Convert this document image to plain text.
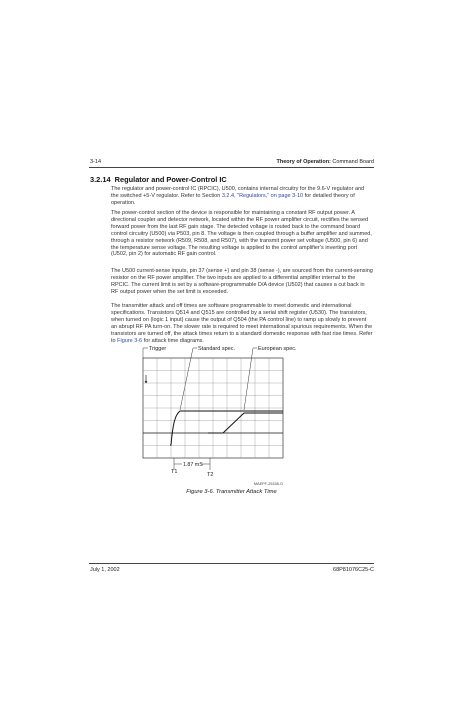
3-14	Theory of Operation: Command Board
3.2.14 Regulator and Power-Control IC
The regulator and power-control IC (RPCIC), U500, contains internal circuitry for the 9.6-V regulator and the switched +5-V regulator. Refer to Section 3.2.4, "Regulators," on page 3-10 for detailed theory of operation.
The power-control section of the device is responsible for maintaining a constant RF output power. A directional coupler and detector network, located within the RF power amplifier circuit, rectifies the sensed forward power from the last RF gain stage. The detected voltage is routed back to the command board control circuitry (U500) via P503, pin 8. The voltage is then coupled through a buffer amplifier and summed, through a resistor network (R509, R508, and R507), with the transmit power set voltage (U500, pin 6) and the temperature sense voltage. The resulting voltage is applied to the control amplifier’s inverting port (U502, pin 2) for automatic RF gain control.
The U500 current-sense inputs, pin 37 (sense +) and pin 38 (sense -), are sourced from the current-sensing resistor on the RF power amplifier. The two inputs are applied to a differential amplifier internal to the RPCIC. The current limit is set by a software-programmable D/A device (U502) that causes a cut back in RF output power when the set limit is exceeded.
The transmitter attack and off times are software programmable to meet domestic and international specifications. Transistors Q514 and Q515 are controlled by a serial shift register (U530). The transistors, when turned on (logic 1 input) cause the output of Q504 (the PA control line) to ramp up slowly to prevent an abrupt RF PA turn-on. The slower rate is required to meet international spurious requirements. When the transistors are turned off, the attack times return to a standard domestic response with fast rise times. Refer to Figure 3-6 for attack time diagrams.
Trigger	Standard spec.	European spec.
1.87 mS
T1	T2
MAEPF-25158-O
Figure 3-6. Transmitter Attack Time
July 1, 2002	68P81076C25-C
